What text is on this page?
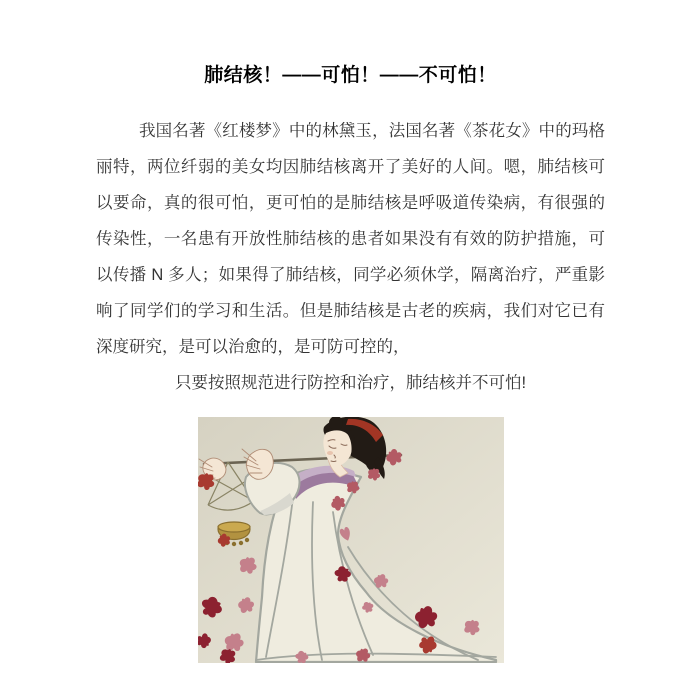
肺结核！——可怕！——不可怕！

我国名著《红楼梦》中的林黛玉，法国名著《茶花女》中的玛格丽特，两位纤弱的美女均因肺结核离开了美好的人间。嗯，肺结核可以要命，真的很可怕，更可怕的是肺结核是呼吸道传染病，有很强的传染性，一名患有开放性肺结核的患者如果没有有效的防护措施，可以传播 N 多人；如果得了肺结核，同学必须休学，隔离治疗，严重影响了同学们的学习和生活。但是肺结核是古老的疾病，我们对它已有深度研究，是可以治愈的，是可防可控的，

只要按照规范进行防控和治疗，肺结核并不可怕!
